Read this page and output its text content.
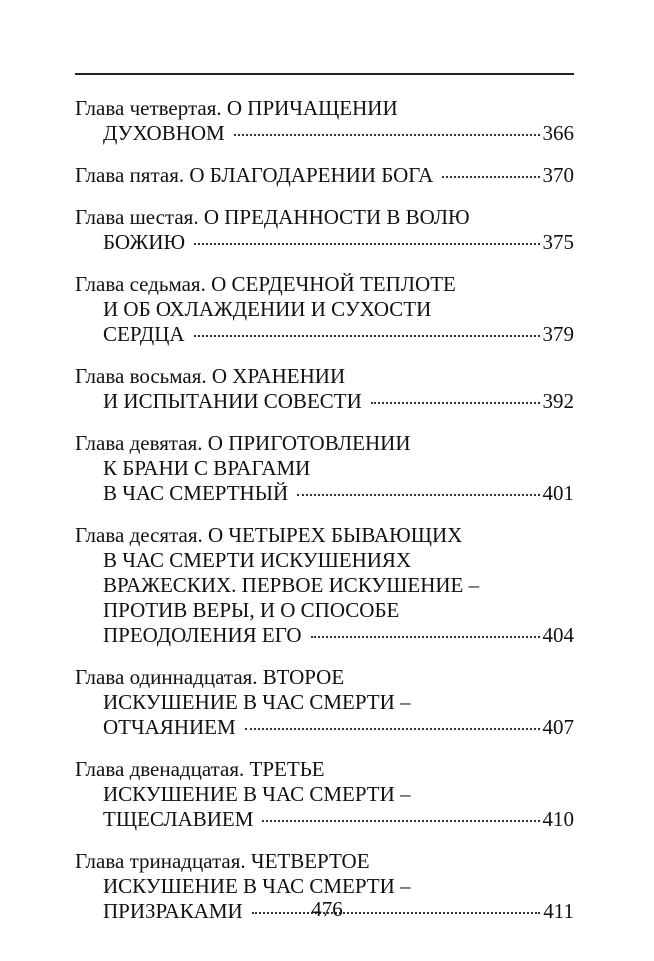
Глава четвертая. О ПРИЧАЩЕНИИ
ДУХОВНОМ	366
Глава пятая. О БЛАГОДАРЕНИИ БОГА	370
Глава шестая. О ПРЕДАННОСТИ В ВОЛЮ
БОЖИЮ	375
Глава седьмая. О СЕРДЕЧНОЙ ТЕПЛОТЕ
И ОБ ОХЛАЖДЕНИИ И СУХОСТИ
СЕРДЦА	379
Глава восьмая. О ХРАНЕНИИ
И ИСПЫТАНИИ СОВЕСТИ	392
Глава девятая. О ПРИГОТОВЛЕНИИ
К БРАНИ С ВРАГАМИ
В ЧАС СМЕРТНЫЙ	401
Глава десятая. О ЧЕТЫРЕХ БЫВАЮЩИХ
В ЧАС СМЕРТИ ИСКУШЕНИЯХ
ВРАЖЕСКИХ. ПЕРВОЕ ИСКУШЕНИЕ –
ПРОТИВ ВЕРЫ, И О СПОСОБЕ
ПРЕОДОЛЕНИЯ ЕГО	404
Глава одиннадцатая. ВТОРОЕ
ИСКУШЕНИЕ В ЧАС СМЕРТИ –
ОТЧАЯНИЕМ	407
Глава двенадцатая. ТРЕТЬЕ
ИСКУШЕНИЕ В ЧАС СМЕРТИ –
ТЩЕСЛАВИЕМ	410
Глава тринадцатая. ЧЕТВЕРТОЕ
ИСКУШЕНИЕ В ЧАС СМЕРТИ –
ПРИЗРАКАМИ	411
476
